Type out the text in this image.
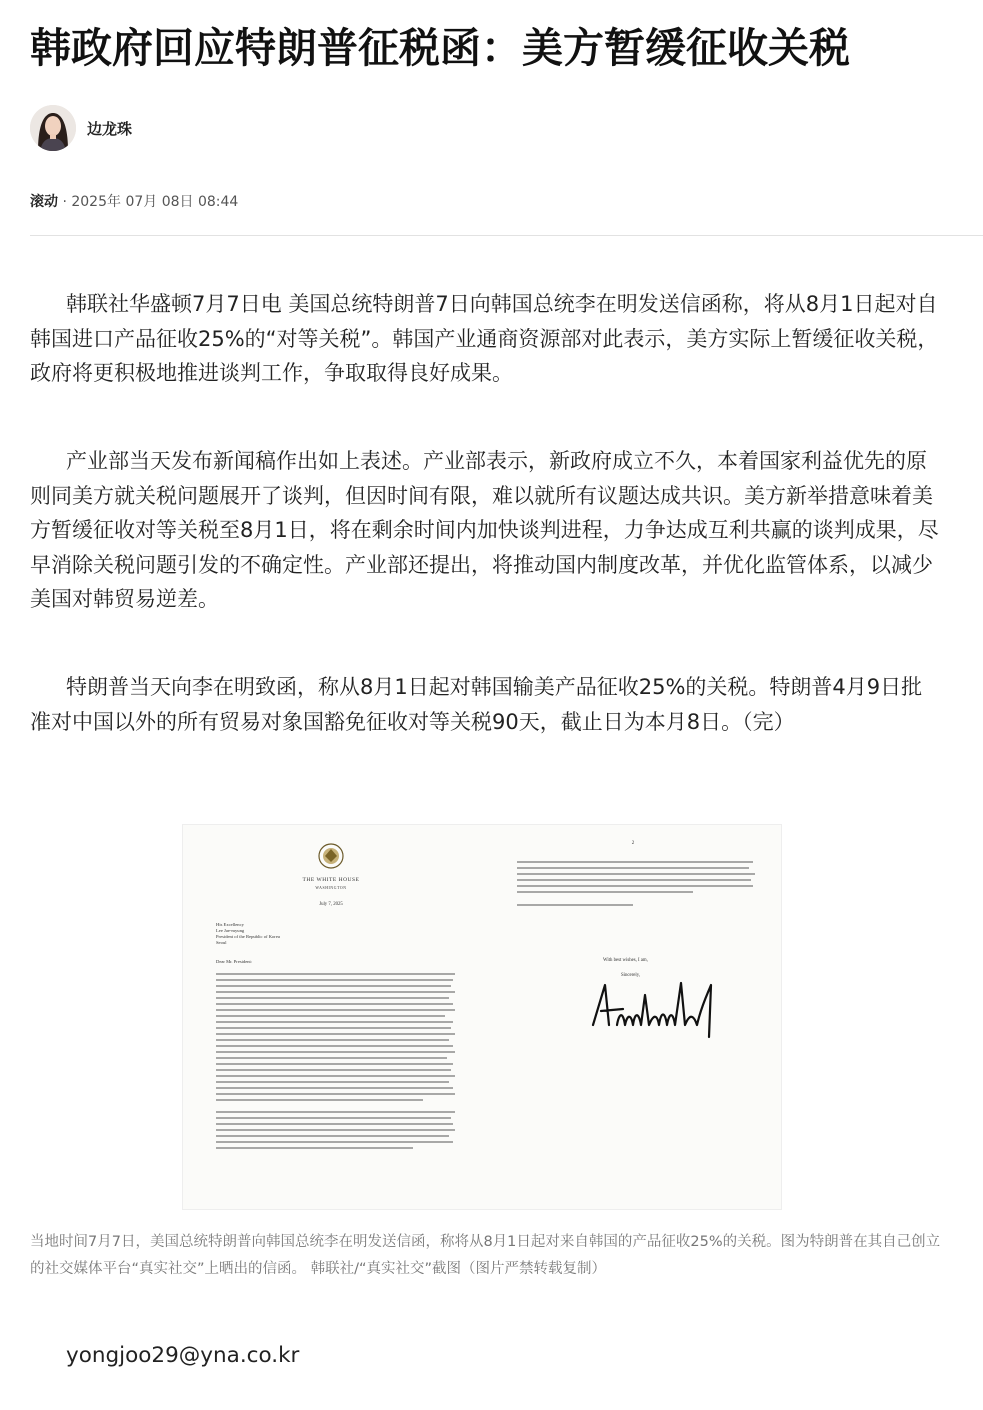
韩政府回应特朗普征税函：美方暂缓征收关税
边龙珠
滚动 · 2025年 07月 08日 08:44

韩联社华盛顿7月7日电 美国总统特朗普7日向韩国总统李在明发送信函称，将从8月1日起对自韩国进口产品征收25%的“对等关税”。韩国产业通商资源部对此表示，美方实际上暂缓征收关税，政府将更积极地推进谈判工作，争取取得良好成果。

产业部当天发布新闻稿作出如上表述。产业部表示，新政府成立不久，本着国家利益优先的原则同美方就关税问题展开了谈判，但因时间有限，难以就所有议题达成共识。美方新举措意味着美方暂缓征收对等关税至8月1日，将在剩余时间内加快谈判进程，力争达成互利共赢的谈判成果，尽早消除关税问题引发的不确定性。产业部还提出，将推动国内制度改革，并优化监管体系，以减少美国对韩贸易逆差。

特朗普当天向李在明致函，称从8月1日起对韩国输美产品征收25%的关税。特朗普4月9日批准对中国以外的所有贸易对象国豁免征收对等关税90天，截止日为本月8日。（完）

THE WHITE HOUSE
WASHINGTON
July 7, 2025
His Excellency
Lee Jae-myung
President of the Republic of Korea
Seoul
Dear Mr. President:
2
With best wishes, I am,
Sincerely,

当地时间7月7日，美国总统特朗普向韩国总统李在明发送信函，称将从8月1日起对来自韩国的产品征收25%的关税。图为特朗普在其自己创立的社交媒体平台“真实社交”上晒出的信函。 韩联社/“真实社交”截图（图片严禁转载复制）

yongjoo29@yna.co.kr
